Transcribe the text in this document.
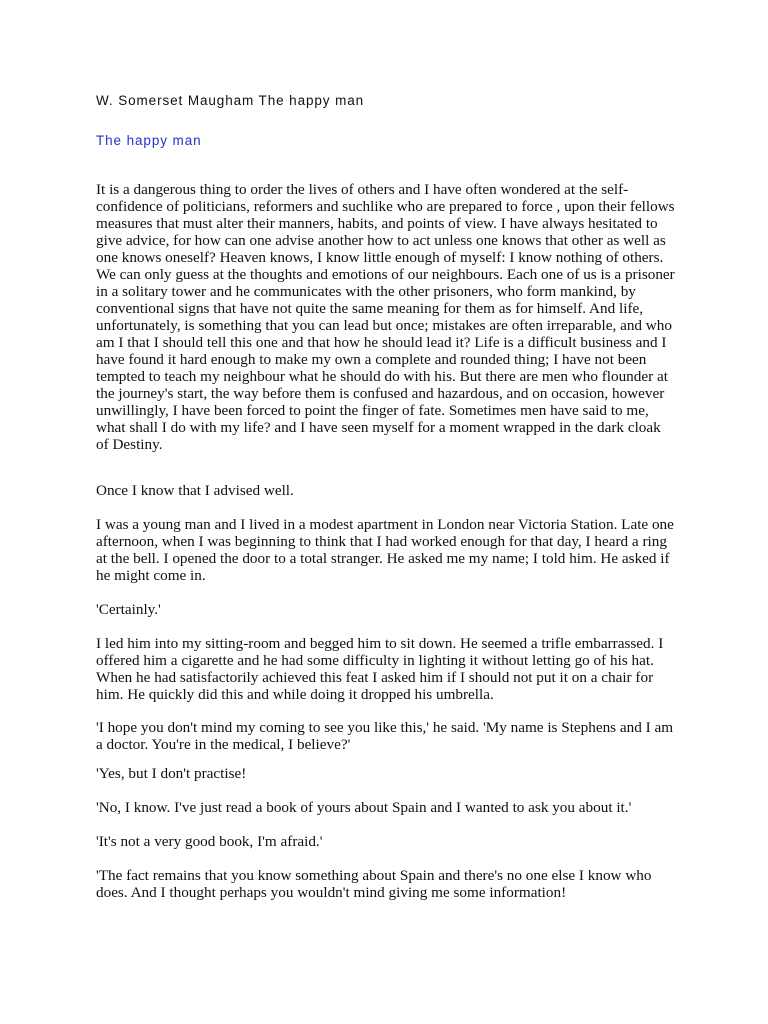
W. Somerset Maugham The happy man
The happy man

It is a dangerous thing to order the lives of others and I have often wondered at the self-confidence of politicians, reformers and suchlike who are prepared to force , upon their fellows measures that must alter their manners, habits, and points of view. I have always hesitated to give advice, for how can one advise another how to act unless one knows that other as well as one knows oneself? Heaven knows, I know little enough of myself: I know nothing of others. We can only guess at the thoughts and emotions of our neighbours. Each one of us is a prisoner in a solitary tower and he communicates with the other prisoners, who form mankind, by conventional signs that have not quite the same meaning for them as for himself. And life, unfortunately, is something that you can lead but once; mistakes are often irreparable, and who am I that I should tell this one and that how he should lead it? Life is a difficult business and I have found it hard enough to make my own a complete and rounded thing; I have not been tempted to teach my neighbour what he should do with his. But there are men who flounder at the journey's start, the way before them is confused and hazardous, and on occasion, however unwillingly, I have been forced to point the finger of fate. Sometimes men have said to me, what shall I do with my life? and I have seen myself for a moment wrapped in the dark cloak of Destiny.

Once I know that I advised well.

I was a young man and I lived in a modest apartment in London near Victoria Station. Late one afternoon, when I was beginning to think that I had worked enough for that day, I heard a ring at the bell. I opened the door to a total stranger. He asked me my name; I told him. He asked if he might come in.

'Certainly.'

I led him into my sitting-room and begged him to sit down. He seemed a trifle embarrassed. I offered him a cigarette and he had some difficulty in lighting it without letting go of his hat. When he had satisfactorily achieved this feat I asked him if I should not put it on a chair for him. He quickly did this and while doing it dropped his umbrella.

'I hope you don't mind my coming to see you like this,' he said. 'My name is Stephens and I am a doctor. You're in the medical, I believe?'

'Yes, but I don't practise!

'No, I know. I've just read a book of yours about Spain and I wanted to ask you about it.'

'It's not a very good book, I'm afraid.'

'The fact remains that you know something about Spain and there's no one else I know who does. And I thought perhaps you wouldn't mind giving me some information!
